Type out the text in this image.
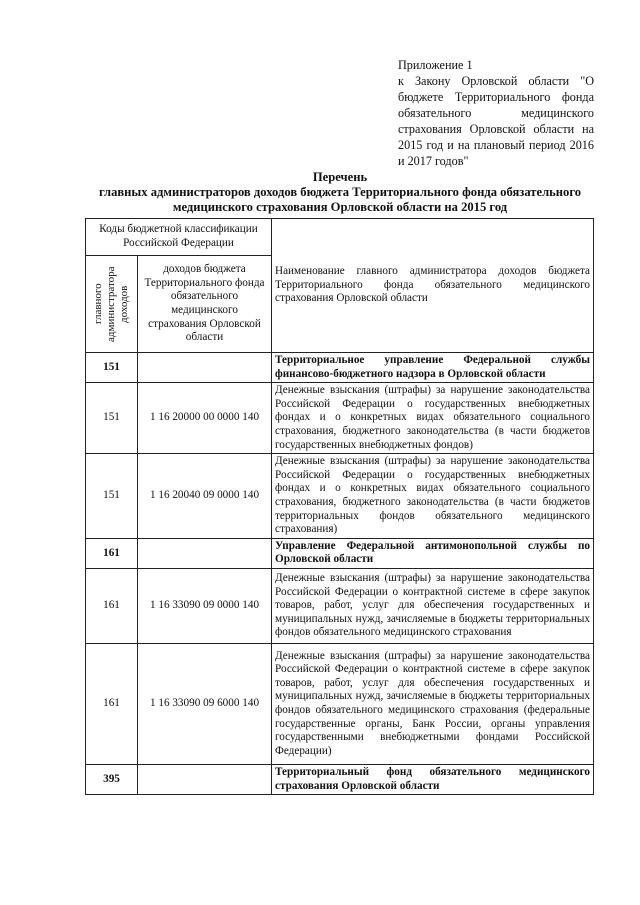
Приложение 1
к Закону Орловской области "О бюджете Территориального фонда обязательного медицинского страхования Орловской области на 2015 год и на плановый период 2016 и 2017 годов"
Перечень
главных администраторов доходов бюджета Территориального фонда обязательного
медицинского страхования Орловской области на 2015 год
Коды бюджетной классификации Российской Федерации		Наименование главного администратора доходов бюджета Территориального фонда обязательного медицинского страхования Орловской области

главного администратора доходов	доходов бюджета Территориального фонда обязательного медицинского страхования Орловской области	
151		Территориальное управление Федеральной службы финансово-бюджетного надзора в Орловской области
151	1 16 20000 00 0000 140	Денежные взыскания (штрафы) за нарушение законодательства Российской Федерации о государственных внебюджетных фондах и о конкретных видах обязательного социального страхования, бюджетного законодательства (в части бюджетов государственных внебюджетных фондов)
151	1 16 20040 09 0000 140	Денежные взыскания (штрафы) за нарушение законодательства Российской Федерации о государственных внебюджетных фондах и о конкретных видах обязательного социального страхования, бюджетного законодательства (в части бюджетов территориальных фондов обязательного медицинского страхования)
161		Управление Федеральной антимонопольной службы по Орловской области
161	1 16 33090 09 0000 140	Денежные взыскания (штрафы) за нарушение законодательства Российской Федерации о контрактной системе в сфере закупок товаров, работ, услуг для обеспечения государственных и муниципальных нужд, зачисляемые в бюджеты территориальных фондов обязательного медицинского страхования
161	1 16 33090 09 6000 140	Денежные взыскания (штрафы) за нарушение законодательства Российской Федерации о контрактной системе в сфере закупок товаров, работ, услуг для обеспечения государственных и муниципальных нужд, зачисляемые в бюджеты территориальных фондов обязательного медицинского страхования (федеральные государственные органы, Банк России, органы управления государственными внебюджетными фондами Российской Федерации)
395		Территориальный фонд обязательного медицинского страхования Орловской области
